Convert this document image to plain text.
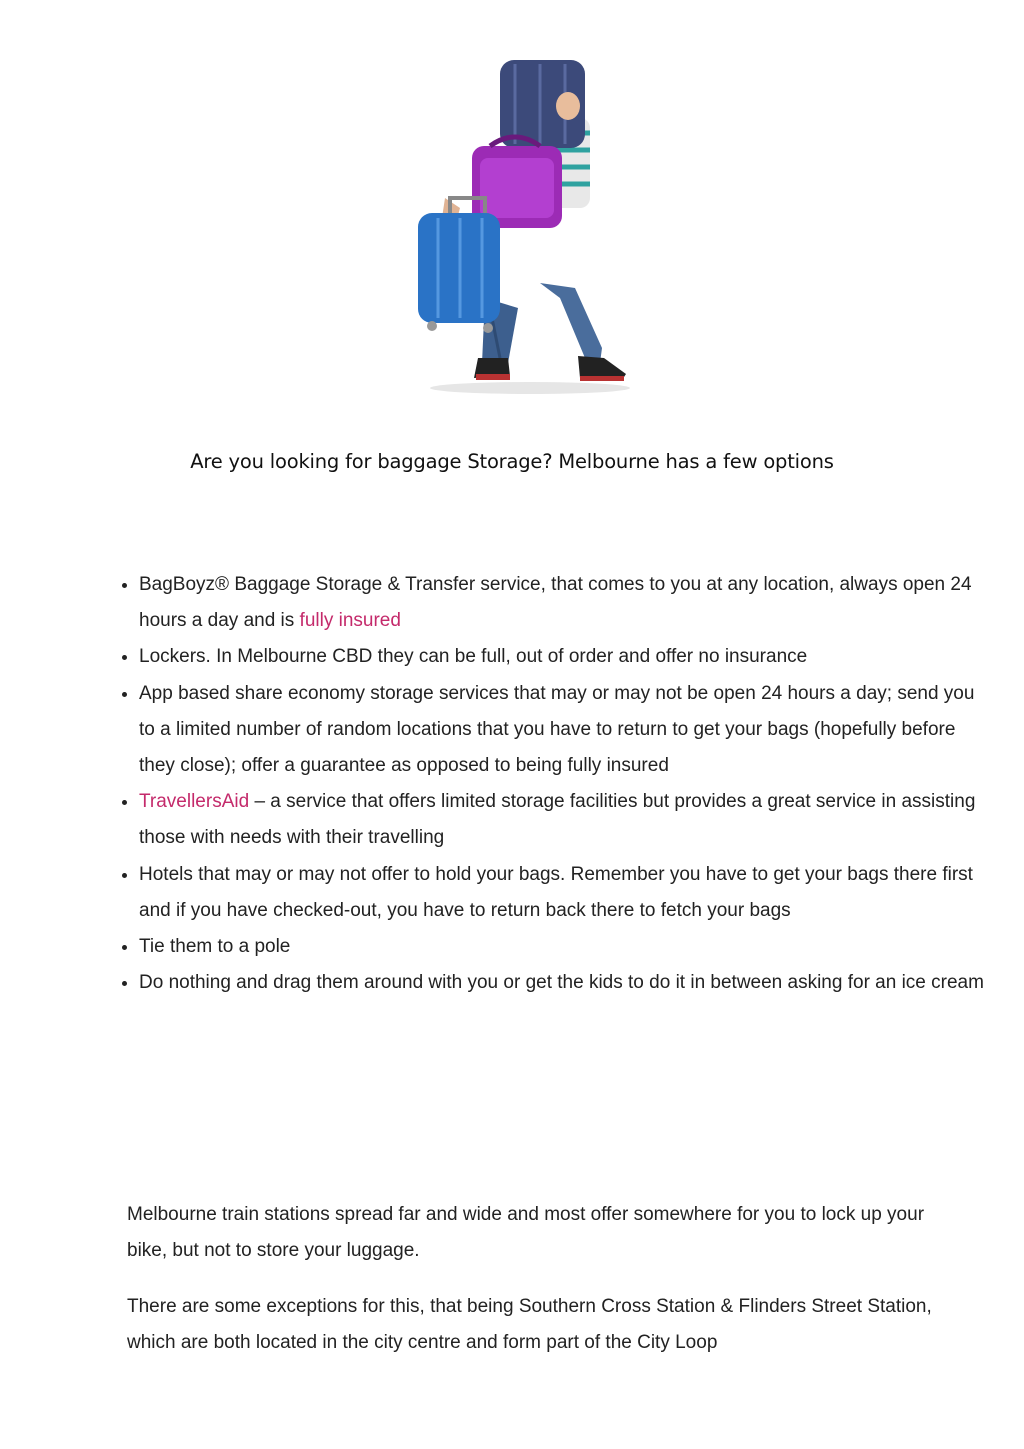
Are you looking for baggage Storage? Melbourne has a few options
• BagBoyz® Baggage Storage & Transfer service, that comes to you at any location, always open 24 hours a day and is fully insured
• Lockers. In Melbourne CBD they can be full, out of order and offer no insurance
• App based share economy storage services that may or may not be open 24 hours a day; send you to a limited number of random locations that you have to return to get your bags (hopefully before they close); offer a guarantee as opposed to being fully insured
• TravellersAid – a service that offers limited storage facilities but provides a great service in assisting those with needs with their travelling
• Hotels that may or may not offer to hold your bags. Remember you have to get your bags there first and if you have checked-out, you have to return back there to fetch your bags
• Tie them to a pole
• Do nothing and drag them around with you or get the kids to do it in between asking for an ice cream

Melbourne train stations spread far and wide and most offer somewhere for you to lock up your bike, but not to store your luggage.

There are some exceptions for this, that being Southern Cross Station & Flinders Street Station, which are both located in the city centre and form part of the City Loop
